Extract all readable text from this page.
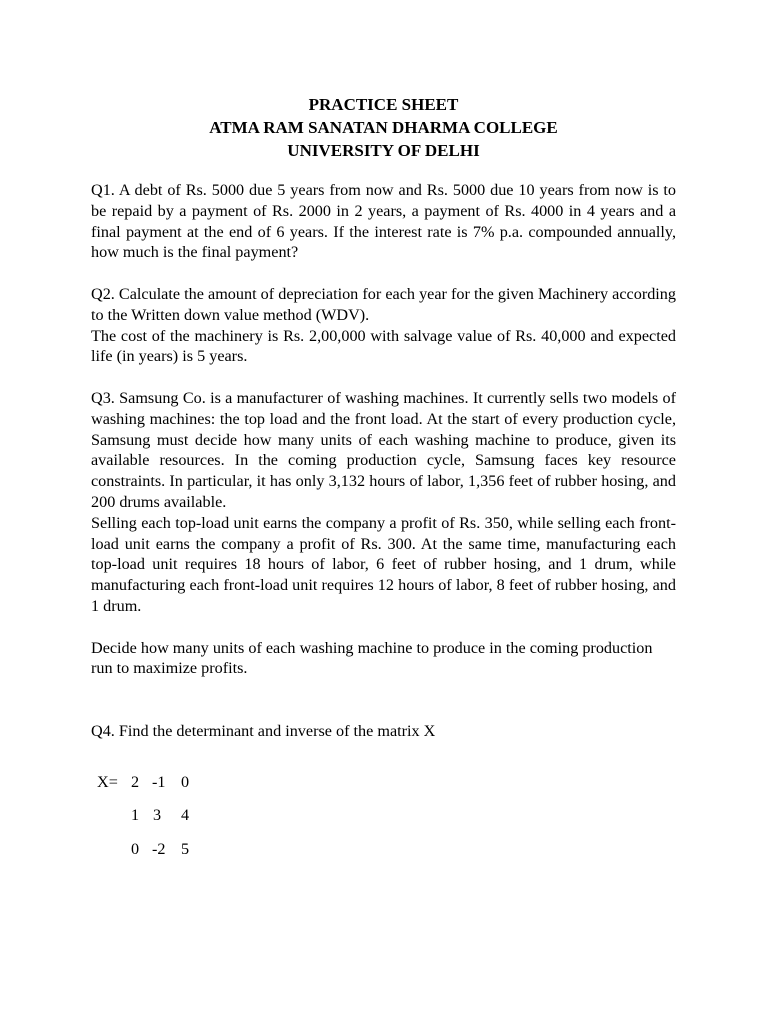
PRACTICE SHEET
ATMA RAM SANATAN DHARMA COLLEGE
UNIVERSITY OF DELHI

Q1. A debt of Rs. 5000 due 5 years from now and Rs. 5000 due 10 years from now is to be repaid by a payment of Rs. 2000 in 2 years, a payment of Rs. 4000 in 4 years and a final payment at the end of 6 years. If the interest rate is 7% p.a. compounded annually, how much is the final payment?

Q2. Calculate the amount of depreciation for each year for the given Machinery according to the Written down value method (WDV).

The cost of the machinery is Rs. 2,00,000 with salvage value of Rs. 40,000 and expected life (in years) is 5 years.

Q3. Samsung Co. is a manufacturer of washing machines. It currently sells two models of washing machines: the top load and the front load. At the start of every production cycle, Samsung must decide how many units of each washing machine to produce, given its available resources. In the coming production cycle, Samsung faces key resource constraints. In particular, it has only 3,132 hours of labor, 1,356 feet of rubber hosing, and 200 drums available.

Selling each top-load unit earns the company a profit of Rs. 350, while selling each front-load unit earns the company a profit of Rs. 300. At the same time, manufacturing each top-load unit requires 18 hours of labor, 6 feet of rubber hosing, and 1 drum, while manufacturing each front-load unit requires 12 hours of labor, 8 feet of rubber hosing, and 1 drum.

Decide how many units of each washing machine to produce in the coming production run to maximize profits.

Q4. Find the determinant and inverse of the matrix X

X= 2 -1 0
1 3 4
0 -2 5
